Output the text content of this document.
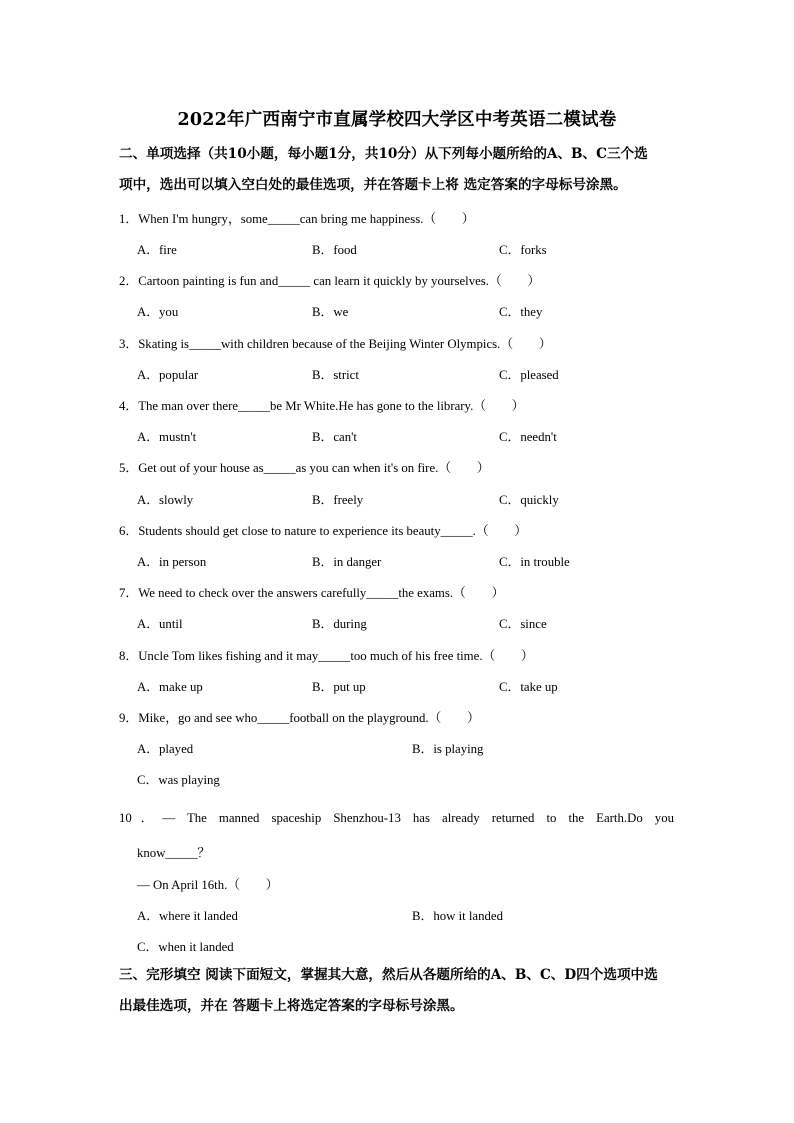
2022年广西南宁市直属学校四大学区中考英语二模试卷
二、单项选择（共10小题，每小题1分，共10分）从下列每小题所给的A、B、C三个选
项中，选出可以填入空白处的最佳选项，并在答题卡上将 选定答案的字母标号涂黑。
1．When I'm hungry，some_____can bring me happiness.（　　）
A．fire	B．food	C．forks
2．Cartoon painting is fun and_____ can learn it quickly by yourselves.（　　）
A．you	B．we	C．they
3．Skating is_____with children because of the Beijing Winter Olympics.（　　）
A．popular	B．strict	C．pleased
4．The man over there_____be Mr White.He has gone to the library.（　　）
A．mustn't	B．can't	C．needn't
5．Get out of your house as_____as you can when it's on fire.（　　）
A．slowly	B．freely	C．quickly
6．Students should get close to nature to experience its beauty_____.（　　）
A．in person	B．in danger	C．in trouble
7．We need to check over the answers carefully_____the exams.（　　）
A．until	B．during	C．since
8．Uncle Tom likes fishing and it may_____too much of his free time.（　　）
A．make up	B．put up	C．take up
9．Mike，go and see who_____football on the playground.（　　）
A．played	B．is playing
C．was playing
10．— The manned spaceship Shenzhou-13 has already returned to the Earth.Do you
know_____？
— On April 16th.（　　）
A．where it landed	B．how it landed
C．when it landed
三、完形填空 阅读下面短文，掌握其大意，然后从各题所给的A、B、C、D四个选项中选
出最佳选项，并在 答题卡上将选定答案的字母标号涂黑。
